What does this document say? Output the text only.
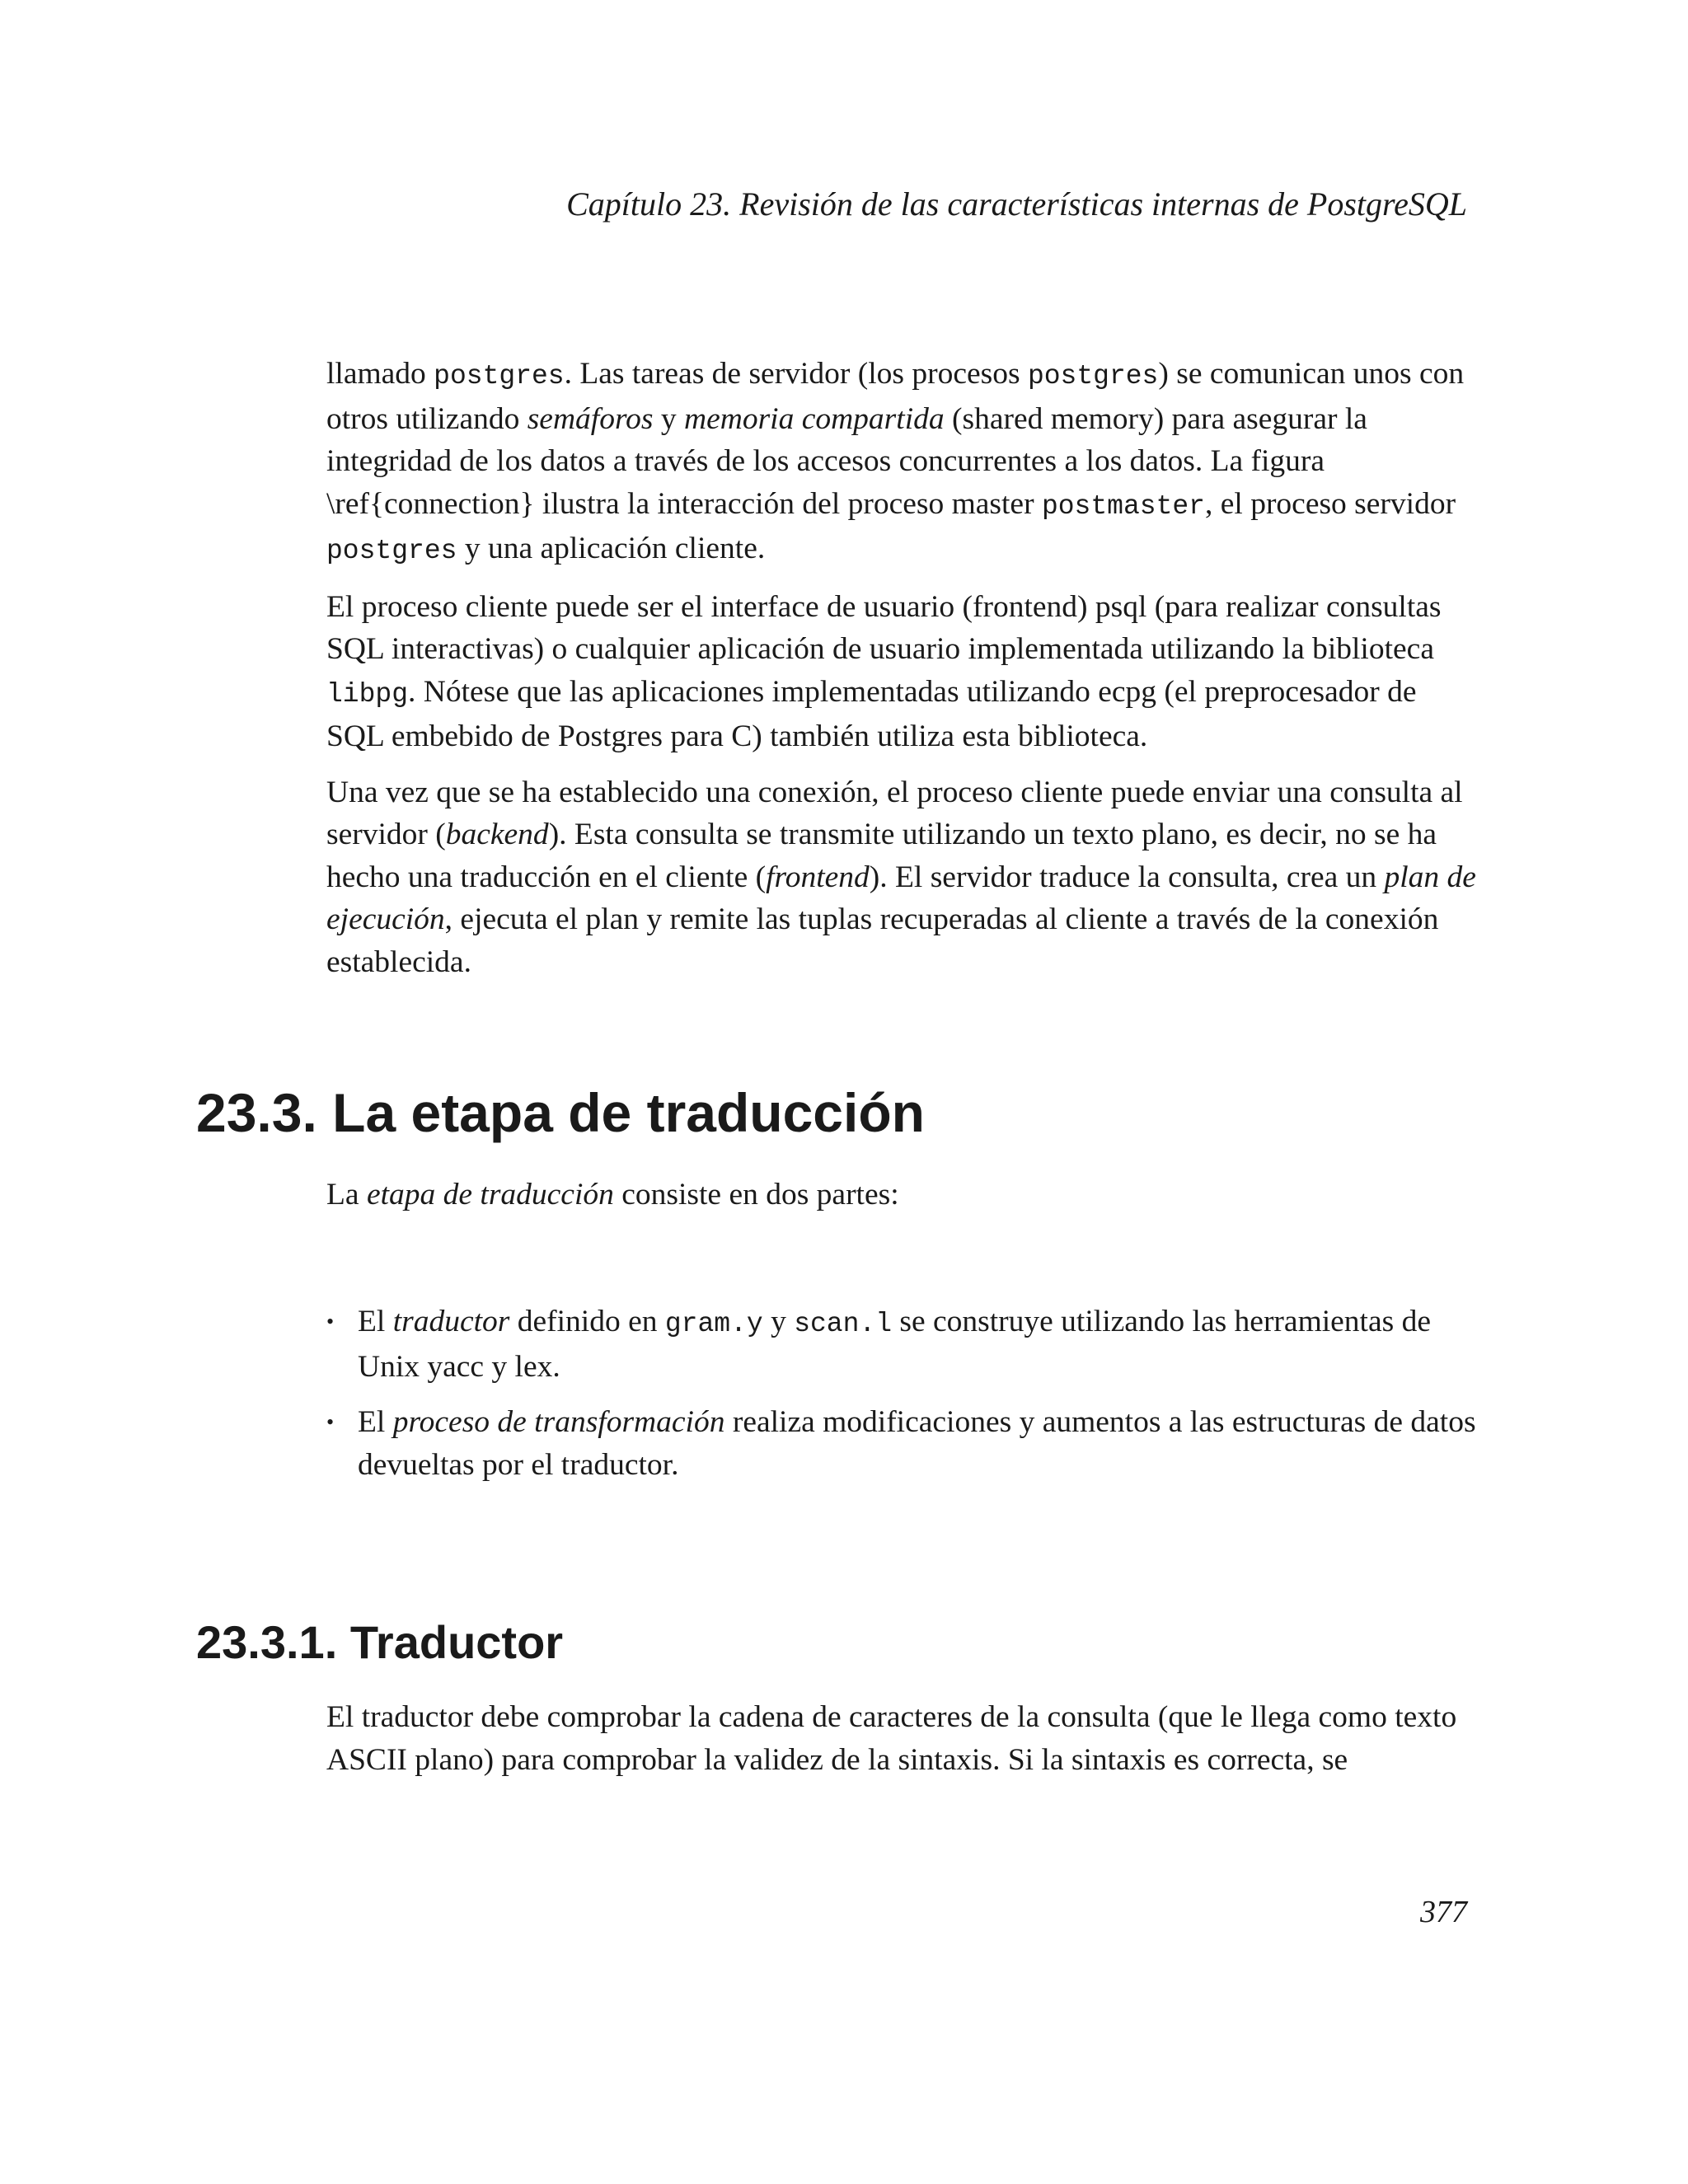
Capítulo 23. Revisión de las características internas de PostgreSQL

llamado postgres. Las tareas de servidor (los procesos postgres) se comunican unos con otros utilizando semáforos y memoria compartida (shared memory) para asegurar la integridad de los datos a través de los accesos concurrentes a los datos. La figura \ref{connection} ilustra la interacción del proceso master postmaster, el proceso servidor postgres y una aplicación cliente.

El proceso cliente puede ser el interface de usuario (frontend) psql (para realizar consultas SQL interactivas) o cualquier aplicación de usuario implementada utilizando la biblioteca libpg. Nótese que las aplicaciones implementadas utilizando ecpg (el preprocesador de SQL embebido de Postgres para C) también utiliza esta biblioteca.

Una vez que se ha establecido una conexión, el proceso cliente puede enviar una consulta al servidor (backend). Esta consulta se transmite utilizando un texto plano, es decir, no se ha hecho una traducción en el cliente (frontend). El servidor traduce la consulta, crea un plan de ejecución, ejecuta el plan y remite las tuplas recuperadas al cliente a través de la conexión establecida.

23.3. La etapa de traducción

La etapa de traducción consiste en dos partes:

• El traductor definido en gram.y y scan.l se construye utilizando las herramientas de Unix yacc y lex.
• El proceso de transformación realiza modificaciones y aumentos a las estructuras de datos devueltas por el traductor.
23.3.1. Traductor

El traductor debe comprobar la cadena de caracteres de la consulta (que le llega como texto ASCII plano) para comprobar la validez de la sintaxis. Si la sintaxis es correcta, se

377
